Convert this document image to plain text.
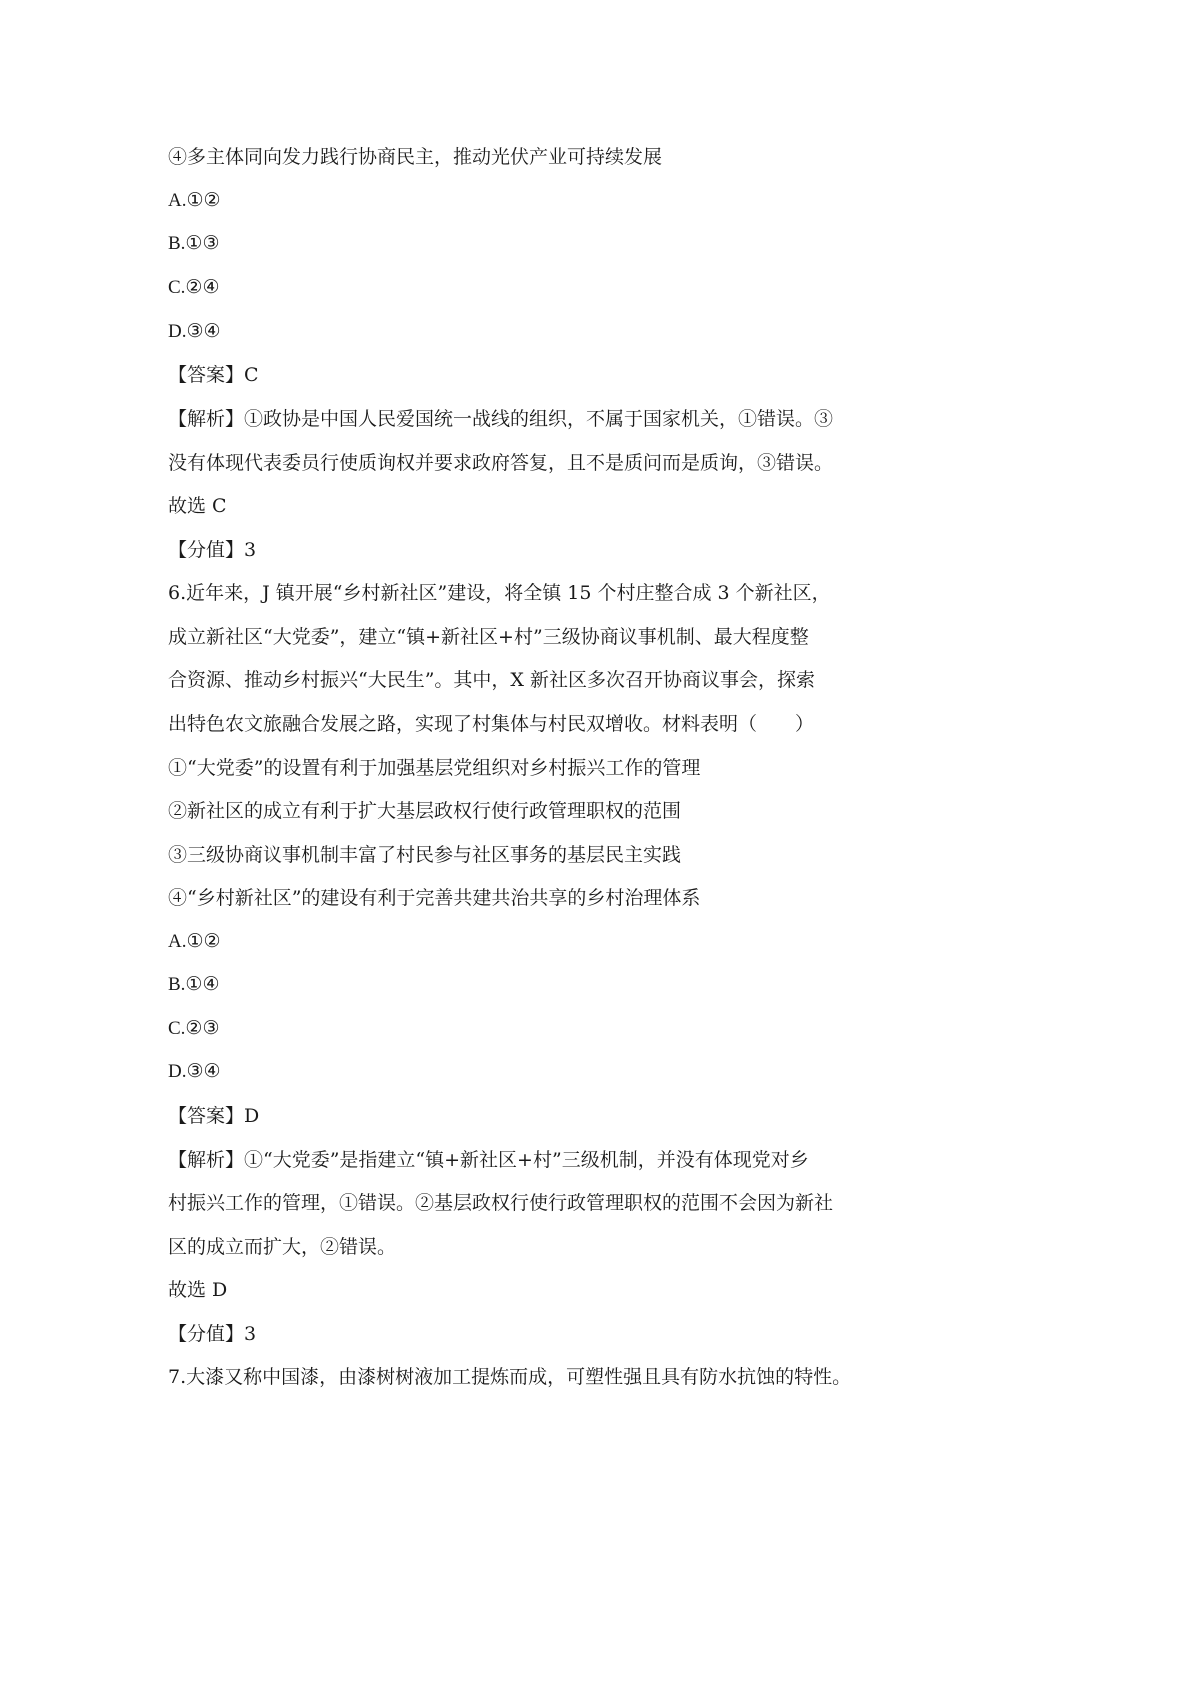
④多主体同向发力践行协商民主，推动光伏产业可持续发展
A.①②
B.①③
C.②④
D.③④
【答案】C
【解析】①政协是中国人民爱国统一战线的组织，不属于国家机关，①错误。③
没有体现代表委员行使质询权并要求政府答复，且不是质问而是质询，③错误。
故选 C
【分值】3
6.近年来，J 镇开展“乡村新社区”建设，将全镇 15 个村庄整合成 3 个新社区，
成立新社区“大党委”，建立“镇+新社区+村”三级协商议事机制、最大程度整
合资源、推动乡村振兴“大民生”。其中，X 新社区多次召开协商议事会，探索
出特色农文旅融合发展之路，实现了村集体与村民双增收。材料表明（　　）
①“大党委”的设置有利于加强基层党组织对乡村振兴工作的管理
②新社区的成立有利于扩大基层政权行使行政管理职权的范围
③三级协商议事机制丰富了村民参与社区事务的基层民主实践
④“乡村新社区”的建设有利于完善共建共治共享的乡村治理体系
A.①②
B.①④
C.②③
D.③④
【答案】D
【解析】①“大党委”是指建立“镇+新社区+村”三级机制，并没有体现党对乡
村振兴工作的管理，①错误。②基层政权行使行政管理职权的范围不会因为新社
区的成立而扩大，②错误。
故选 D
【分值】3
7.大漆又称中国漆，由漆树树液加工提炼而成，可塑性强且具有防水抗蚀的特性。
